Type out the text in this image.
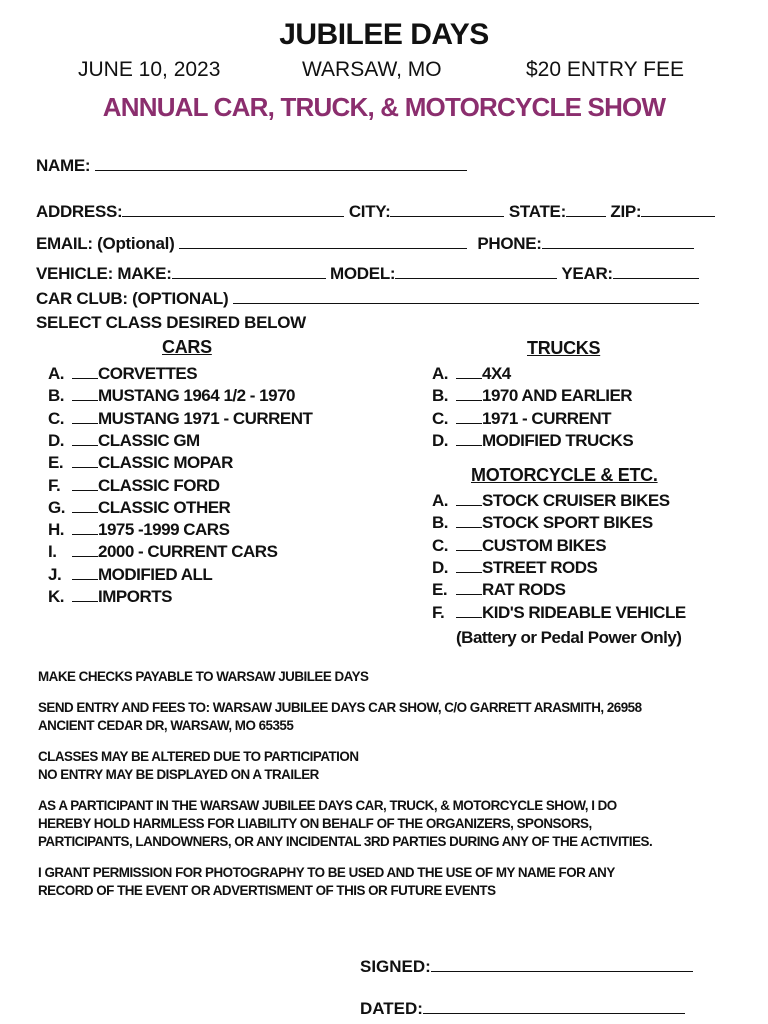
JUBILEE DAYS
JUNE 10, 2023	WARSAW, MO	$20 ENTRY FEE
ANNUAL CAR, TRUCK, & MOTORCYCLE SHOW
NAME:
ADDRESS:	CITY:	STATE:	ZIP:
EMAIL: (Optional)	PHONE:
VEHICLE: MAKE:	MODEL:	YEAR:
CAR CLUB: (OPTIONAL)
SELECT CLASS DESIRED BELOW
CARS
A. CORVETTES
B. MUSTANG 1964 1/2 - 1970
C. MUSTANG 1971 - CURRENT
D. CLASSIC GM
E. CLASSIC MOPAR
F. CLASSIC FORD
G. CLASSIC OTHER
H. 1975 -1999 CARS
I. 2000 - CURRENT CARS
J. MODIFIED ALL
K. IMPORTS
TRUCKS
A. 4X4
B. 1970 AND EARLIER
C. 1971 - CURRENT
D. MODIFIED TRUCKS
MOTORCYCLE & ETC.
A. STOCK CRUISER BIKES
B. STOCK SPORT BIKES
C. CUSTOM BIKES
D. STREET RODS
E. RAT RODS
F. KID'S RIDEABLE VEHICLE
(Battery or Pedal Power Only)

MAKE CHECKS PAYABLE TO WARSAW JUBILEE DAYS

SEND ENTRY AND FEES TO: WARSAW JUBILEE DAYS CAR SHOW, C/O GARRETT ARASMITH, 26958

ANCIENT CEDAR DR, WARSAW, MO 65355

CLASSES MAY BE ALTERED DUE TO PARTICIPATION

NO ENTRY MAY BE DISPLAYED ON A TRAILER

AS A PARTICIPANT IN THE WARSAW JUBILEE DAYS CAR, TRUCK, & MOTORCYCLE SHOW, I DO

HEREBY HOLD HARMLESS FOR LIABILITY ON BEHALF OF THE ORGANIZERS, SPONSORS,

PARTICIPANTS, LANDOWNERS, OR ANY INCIDENTAL 3RD PARTIES DURING ANY OF THE ACTIVITIES.

I GRANT PERMISSION FOR PHOTOGRAPHY TO BE USED AND THE USE OF MY NAME FOR ANY

RECORD OF THE EVENT OR ADVERTISMENT OF THIS OR FUTURE EVENTS

SIGNED:
DATED:
